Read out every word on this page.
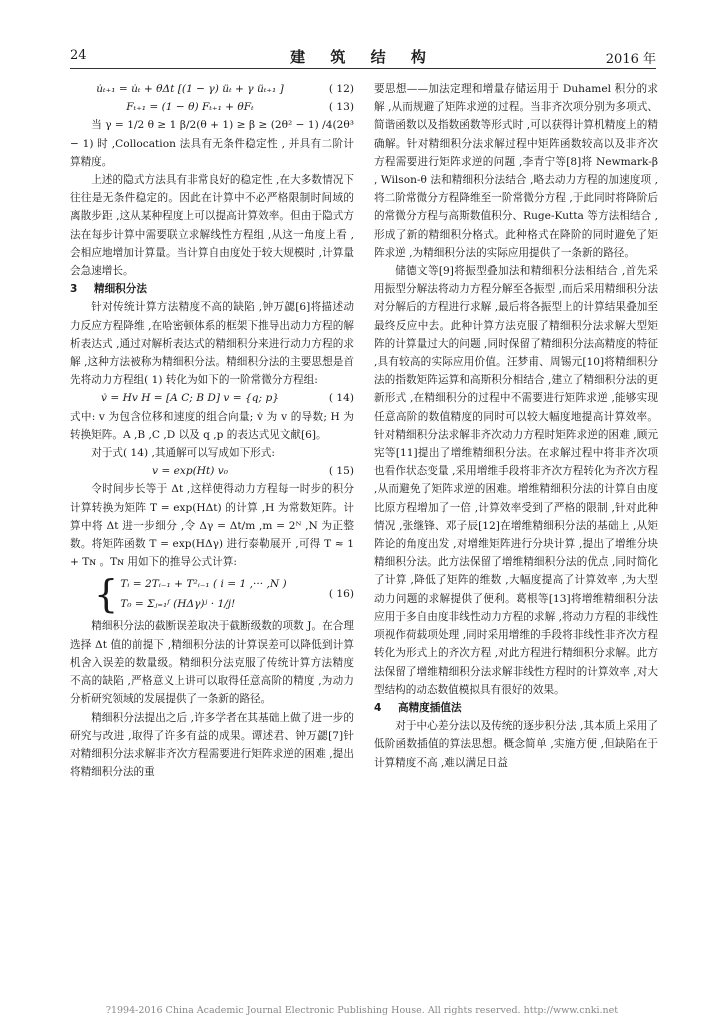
24	建 筑 结 构	2016 年
u̇ₜ₊₁ = u̇ₜ + θΔt [(1 − γ) üₜ + γ üₜ₊₁ ]	( 12)
Fₜ₊₁ = (1 − θ) Fₜ₊₁ + θFₜ	( 13)

当 γ = 1/2 θ ≥ 1 β/2(θ + 1) ≥ β ≥ (2θ² − 1) /4(2θ³ − 1) 时 ,Collocation 法具有无条件稳定性 , 并具有二阶计算精度。

上述的隐式方法具有非常良好的稳定性 ,在大多数情况下往往是无条件稳定的。因此在计算中不必严格限制时间域的离散步距 ,这从某种程度上可以提高计算效率。但由于隐式方法在每步计算中需要联立求解线性方程组 ,从这一角度上看 ,会相应地增加计算量。当计算自由度处于较大规模时 ,计算量会急速增长。

3 精细积分法

针对传统计算方法精度不高的缺陷 ,钟万勰[6]将描述动力反应方程降维 ,在哈密顿体系的框架下推导出动力方程的解析表达式 ,通过对解析表达式的精细积分来进行动力方程的求解 ,这种方法被称为精细积分法。精细积分法的主要思想是首先将动力方程组( 1) 转化为如下的一阶常微分方程组:

v̇ = Hv H = [A C; B D] v = {q; p}	( 14)

式中: v 为包含位移和速度的组合向量; v̇ 为 v 的导数; H 为转换矩阵。A ,B ,C ,D 以及 q ,p 的表达式见文献[6]。

对于式( 14) ,其通解可以写成如下形式:

v = exp(Ht) v₀	( 15)

令时间步长等于 Δt ,这样使得动力方程每一时步的积分计算转换为矩阵 T = exp(HΔt) 的计算 ,H 为常数矩阵。计算中将 Δt 进一步细分 ,令 Δγ = Δt/m ,m = 2ᴺ ,N 为正整数。将矩阵函数 T = exp(HΔγ) 进行泰勒展开 ,可得 T ≈ 1 + Tɴ 。Tɴ 用如下的推导公式计算:

{ Tᵢ = 2Tᵢ₋₁ + T²ᵢ₋₁ ( i = 1 ,··· ,N )
T₀ = Σⱼ₌₁ᶠ (HΔγ)ʲ · 1/j!
( 16)

精细积分法的截断误差取决于截断级数的项数 J。在合理选择 Δt 值的前提下 ,精细积分法的计算误差可以降低到计算机舍入误差的数量级。精细积分法克服了传统计算方法精度不高的缺陷 ,严格意义上讲可以取得任意高阶的精度 ,为动力分析研究领域的发展提供了一条新的路径。

精细积分法提出之后 ,许多学者在其基础上做了进一步的研究与改进 ,取得了许多有益的成果。谭述君、钟万勰[7]针对精细积分法求解非齐次方程需要进行矩阵求逆的困难 ,提出将精细积分法的重

要思想——加法定理和增量存储运用于 Duhamel 积分的求解 ,从而规避了矩阵求逆的过程。当非齐次项分别为多项式、简谐函数以及指数函数等形式时 ,可以获得计算机精度上的精确解。针对精细积分法求解过程中矩阵函数较高以及非齐次方程需要进行矩阵求逆的问题 ,李青宁等[8]将 Newmark-β , Wilson-θ 法和精细积分法结合 ,略去动力方程的加速度项 ,将二阶常微分方程降维至一阶常微分方程 ,于此同时将降阶后的常微分方程与高斯数值积分、Ruge-Kutta 等方法相结合 ,形成了新的精细积分格式。此种格式在降阶的同时避免了矩阵求逆 ,为精细积分法的实际应用提供了一条新的路径。

储德文等[9]将振型叠加法和精细积分法相结合 ,首先采用振型分解法将动力方程分解至各振型 ,而后采用精细积分法对分解后的方程进行求解 ,最后将各振型上的计算结果叠加至最终反应中去。此种计算方法克服了精细积分法求解大型矩阵的计算量过大的问题 ,同时保留了精细积分法高精度的特征 ,具有较高的实际应用价值。汪梦甫、周锡元[10]将精细积分法的指数矩阵运算和高斯积分相结合 ,建立了精细积分法的更新形式 ,在精细积分的过程中不需要进行矩阵求逆 ,能够实现任意高阶的数值精度的同时可以较大幅度地提高计算效率。针对精细积分法求解非齐次动力方程时矩阵求逆的困难 ,顾元宪等[11]提出了增维精细积分法。在求解过程中将非齐次项也看作状态变量 ,采用增维手段将非齐次方程转化为齐次方程 ,从而避免了矩阵求逆的困难。增维精细积分法的计算自由度比原方程增加了一倍 ,计算效率受到了严格的限制 ,针对此种情况 ,张继锋、邓子辰[12]在增维精细积分法的基础上 ,从矩阵论的角度出发 ,对增维矩阵进行分块计算 ,提出了增维分块精细积分法。此方法保留了增维精细积分法的优点 ,同时简化了计算 ,降低了矩阵的维数 ,大幅度提高了计算效率 ,为大型动力问题的求解提供了便利。葛根等[13]将增维精细积分法应用于多自由度非线性动力方程的求解 ,将动力方程的非线性项视作荷载项处理 ,同时采用增维的手段将非线性非齐次方程转化为形式上的齐次方程 ,对此方程进行精细积分求解。此方法保留了增维精细积分法求解非线性方程时的计算效率 ,对大型结构的动态数值模拟具有很好的效果。

4 高精度插值法

对于中心差分法以及传统的逐步积分法 ,其本质上采用了低阶函数插值的算法思想。概念简单 ,实施方便 ,但缺陷在于计算精度不高 ,难以满足日益

?1994-2016 China Academic Journal Electronic Publishing House. All rights reserved. http://www.cnki.net
